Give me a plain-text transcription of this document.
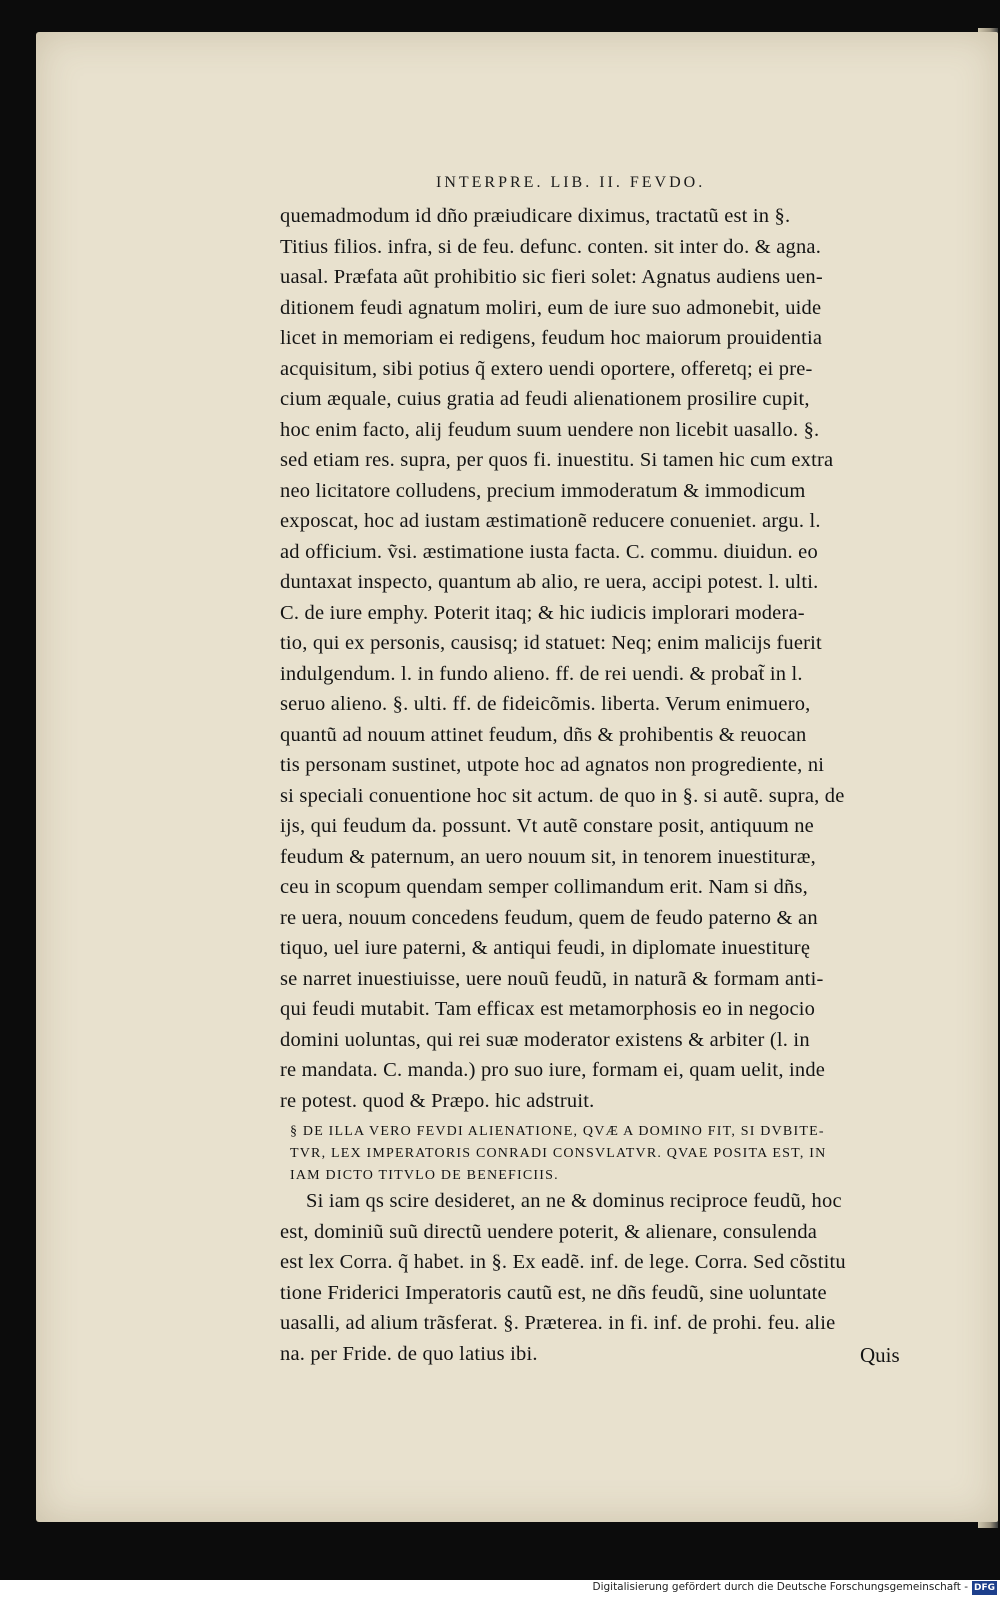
INTERPRE. LIB. II. FEVDO.
quemadmodum id dño præiudicare diximus, tractatũ est in §.
Titius filios. infra, si de feu. defunc. conten. sit inter do. & agna.
uasal. Præfata aũt prohibitio sic fieri solet: Agnatus audiens uen-
ditionem feudi agnatum moliri, eum de iure suo admonebit, uide
licet in memoriam ei redigens, feudum hoc maiorum prouidentia
acquisitum, sibi potius q̃ extero uendi oportere, offeretq; ei pre-
cium æquale, cuius gratia ad feudi alienationem prosilire cupit,
hoc enim facto, alij feudum suum uendere non licebit uasallo. §.
sed etiam res. supra, per quos fi. inuestitu. Si tamen hic cum extra
neo licitatore colludens, precium immoderatum & immodicum
exposcat, hoc ad iustam æstimationẽ reducere conueniet. argu. l.
ad officium. ṽsi. æstimatione iusta facta. C. commu. diuidun. eo
duntaxat inspecto, quantum ab alio, re uera, accipi potest. l. ulti.
C. de iure emphy. Poterit itaq; & hic iudicis implorari modera-
tio, qui ex personis, causisq; id statuet: Neq; enim malicijs fuerit
indulgendum. l. in fundo alieno. ff. de rei uendi. & probat̃ in l.
seruo alieno. §. ulti. ff. de fideicõmis. liberta. Verum enimuero,
quantũ ad nouum attinet feudum, dñs & prohibentis & reuocan
tis personam sustinet, utpote hoc ad agnatos non progrediente, ni
si speciali conuentione hoc sit actum. de quo in §. si autẽ. supra, de
ijs, qui feudum da. possunt. Vt autẽ constare posit, antiquum ne
feudum & paternum, an uero nouum sit, in tenorem inuestituræ,
ceu in scopum quendam semper collimandum erit. Nam si dñs,
re uera, nouum concedens feudum, quem de feudo paterno & an
tiquo, uel iure paterni, & antiqui feudi, in diplomate inuestiturę
se narret inuestiuisse, uere nouũ feudũ, in naturã & formam anti-
qui feudi mutabit. Tam efficax est metamorphosis eo in negocio
domini uoluntas, qui rei suæ moderator existens & arbiter (l. in
re mandata. C. manda.) pro suo iure, formam ei, quam uelit, inde
re potest. quod & Præpo. hic adstruit.
§ DE ILLA VERO FEVDI ALIENATIONE, QVÆ A DOMINO FIT, SI DVBITE-
TVR, LEX IMPERATORIS CONRADI CONSVLATVR. QVAE POSITA EST, IN
IAM DICTO TITVLO DE BENEFICIIS.
Si iam qs scire desideret, an ne & dominus reciproce feudũ, hoc
est, dominiũ suũ directũ uendere poterit, & alienare, consulenda
est lex Corra. q̃ habet. in §. Ex eadẽ. inf. de lege. Corra. Sed cõstitu
tione Friderici Imperatoris cautũ est, ne dñs feudũ, sine uoluntate
uasalli, ad alium trãsferat. §. Præterea. in fi. inf. de prohi. feu. alie
na. per Fride. de quo latius ibi.	Quis
Digitalisierung gefördert durch die Deutsche Forschungsgemeinschaft - DFG
